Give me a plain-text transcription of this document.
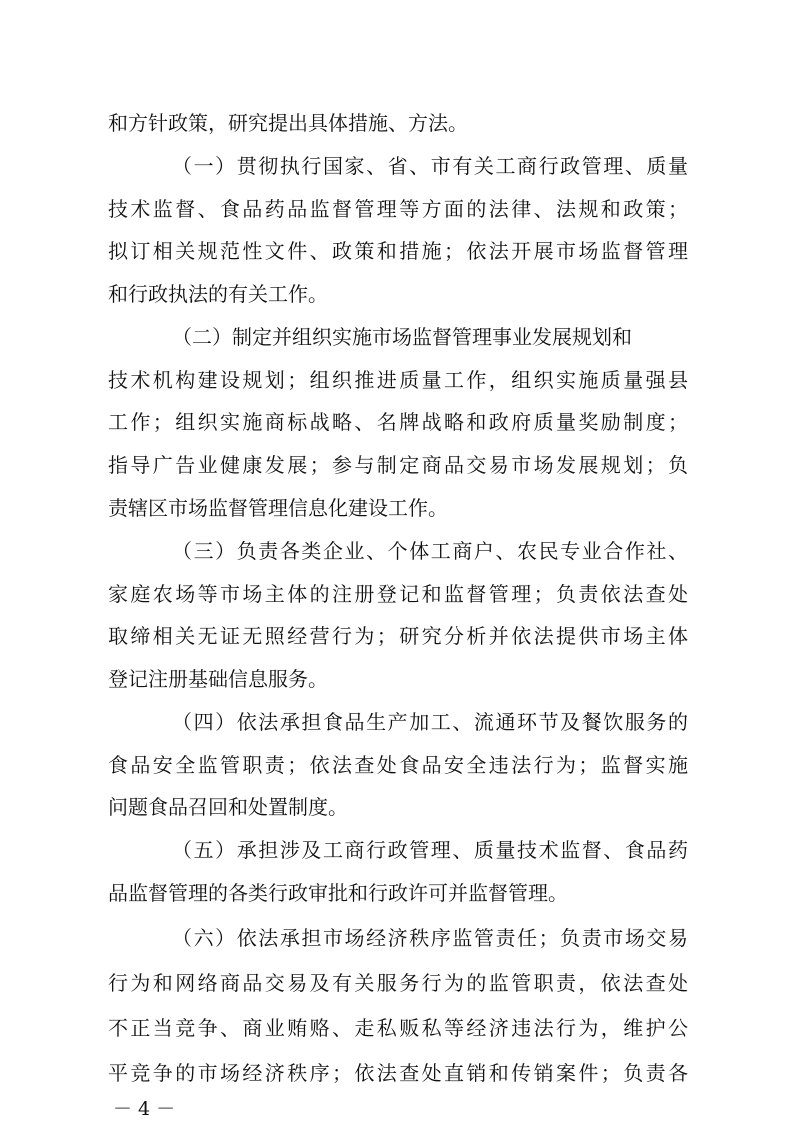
和方针政策，研究提出具体措施、方法。
（一）贯彻执行国家、省、市有关工商行政管理、质量
技术监督、食品药品监督管理等方面的法律、法规和政策；
拟订相关规范性文件、政策和措施；依法开展市场监督管理
和行政执法的有关工作。
（二）制定并组织实施市场监督管理事业发展规划和
技术机构建设规划；组织推进质量工作，组织实施质量强县
工作；组织实施商标战略、名牌战略和政府质量奖励制度；
指导广告业健康发展；参与制定商品交易市场发展规划；负
责辖区市场监督管理信息化建设工作。
（三）负责各类企业、个体工商户、农民专业合作社、
家庭农场等市场主体的注册登记和监督管理；负责依法查处
取缔相关无证无照经营行为；研究分析并依法提供市场主体
登记注册基础信息服务。
（四）依法承担食品生产加工、流通环节及餐饮服务的
食品安全监管职责；依法查处食品安全违法行为；监督实施
问题食品召回和处置制度。
（五）承担涉及工商行政管理、质量技术监督、食品药
品监督管理的各类行政审批和行政许可并监督管理。
（六）依法承担市场经济秩序监管责任；负责市场交易
行为和网络商品交易及有关服务行为的监管职责，依法查处
不正当竞争、商业贿赂、走私贩私等经济违法行为，维护公
平竞争的市场经济秩序；依法查处直销和传销案件；负责各
－ 4 －
